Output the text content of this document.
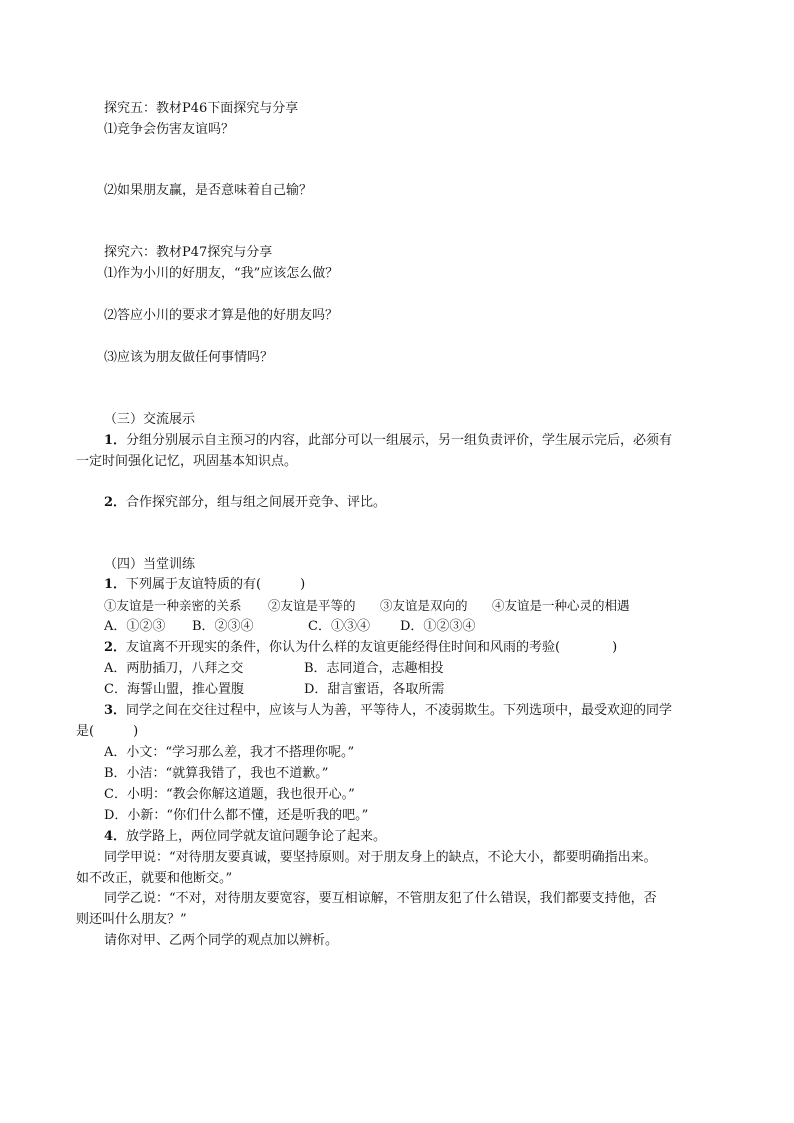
探究五：教材P46下面探究与分享
⑴竞争会伤害友谊吗？
⑵如果朋友赢，是否意味着自己输？
探究六：教材P47探究与分享
⑴作为小川的好朋友，“我”应该怎么做？
⑵答应小川的要求才算是他的好朋友吗？
⑶应该为朋友做任何事情吗？
（三）交流展示
1．分组分别展示自主预习的内容，此部分可以一组展示，另一组负责评价，学生展示完后，必须有
一定时间强化记忆，巩固基本知识点。
2．合作探究部分，组与组之间展开竞争、评比。
（四）当堂训练
1．下列属于友谊特质的有(　　　)
①友谊是一种亲密的关系 ②友谊是平等的 ③友谊是双向的 ④友谊是一种心灵的相遇
A．①②③ B．②③④	C．①③④ D．①②③④
2．友谊离不开现实的条件，你认为什么样的友谊更能经得住时间和风雨的考验(　　　　)
A．两肋插刀，八拜之交	B．志同道合，志趣相投
C．海誓山盟，推心置腹	D．甜言蜜语，各取所需
3．同学之间在交往过程中，应该与人为善，平等待人，不凌弱欺生。下列选项中，最受欢迎的同学
是(　　　)
A．小文：“学习那么差，我才不搭理你呢。”
B．小洁：“就算我错了，我也不道歉。”
C．小明：“教会你解这道题，我也很开心。”
D．小新：“你们什么都不懂，还是听我的吧。”
4．放学路上，两位同学就友谊问题争论了起来。
同学甲说：“对待朋友要真诚，要坚持原则。对于朋友身上的缺点，不论大小，都要明确指出来。
如不改正，就要和他断交。”
同学乙说：“不对，对待朋友要宽容，要互相谅解，不管朋友犯了什么错误，我们都要支持他，否
则还叫什么朋友？”
请你对甲、乙两个同学的观点加以辨析。
